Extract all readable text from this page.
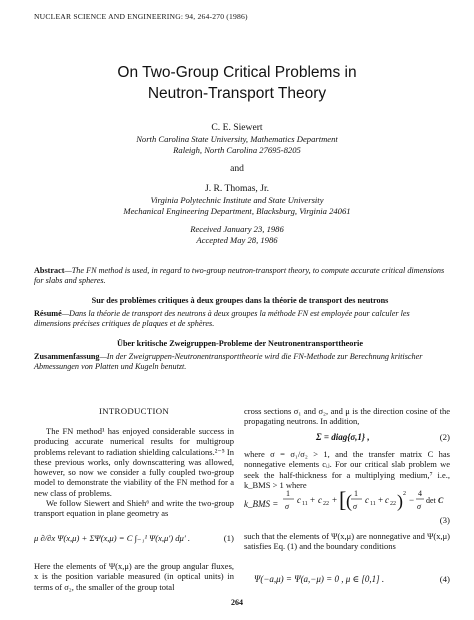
NUCLEAR SCIENCE AND ENGINEERING: 94, 264-270 (1986)
On Two-Group Critical Problems in
Neutron-Transport Theory
C. E. Siewert
North Carolina State University, Mathematics Department
Raleigh, North Carolina 27695-8205
and
J. R. Thomas, Jr.
Virginia Polytechnic Institute and State University
Mechanical Engineering Department, Blacksburg, Virginia 24061
Received January 23, 1986
Accepted May 28, 1986
Abstract—The FN method is used, in regard to two-group neutron-transport theory, to compute accurate critical dimensions for slabs and spheres.
Sur des problèmes critiques à deux groupes dans la théorie de transport des neutrons
Résumé—Dans la théorie de transport des neutrons à deux groupes la méthode FN est employée pour calculer les dimensions précises critiques de plaques et de sphères.
Über kritische Zweigruppen-Probleme der Neutronentransporttheorie
Zusammenfassung—In der Zweigruppen-Neutronentransporttheorie wird die FN-Methode zur Berechnung kritischer Abmessungen von Platten und Kugeln benutzt.
INTRODUCTION
The FN method¹ has enjoyed considerable success in producing accurate numerical results for multigroup problems relevant to radiation shielding calculations.²⁻⁵ In these previous works, only downscattering was allowed, however, so now we consider a fully coupled two-group model to demonstrate the viability of the FN method for a new class of problems.
We follow Siewert and Shieh⁶ and write the two-group transport equation in plane geometry as
μ ∂/∂x Ψ(x,μ) + ΣΨ(x,μ) = C ∫₋₁¹ Ψ(x,μ′) dμ′ .	(1)
Here the elements of Ψ(x,μ) are the group angular fluxes, x is the position variable measured (in optical units) in terms of σ₂, the smaller of the group total
cross sections σ₁ and σ₂, and μ is the direction cosine of the propagating neutrons. In addition,
Σ = diag{σ,1} ,	(2)
where σ = σ₁/σ₂ > 1, and the transfer matrix C has nonnegative elements cᵢⱼ. For our critical slab problem we seek the half-thickness for a multiplying medium,⁷ i.e., k_BMS > 1 where
k_BMS =
1
σ
c 11 + c 22 + [ ( 1
σ
c 11 + c 22 ) 2
−
4
σ
det C
(3)
such that the elements of Ψ(x,μ) are nonnegative and Ψ(x,μ) satisfies Eq. (1) and the boundary conditions
Ψ(−a,μ) = Ψ(a,−μ) = 0 , μ ∈ [0,1] .	(4)
264
